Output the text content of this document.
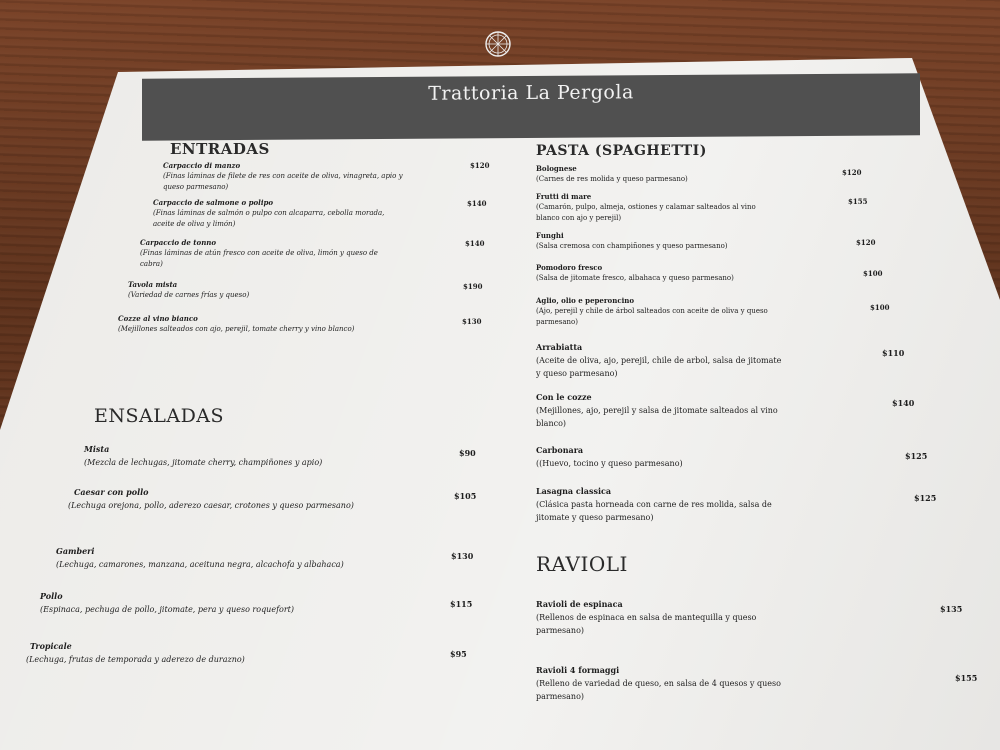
Trattoria La Pergola
ENTRADAS
Carpaccio di manzo
(Finas láminas de filete de res con aceite de oliva, vinagreta, apio y queso parmesano)
$120
Carpaccio de salmone o polipo
(Finas láminas de salmón o pulpo con alcaparra, cebolla morada, aceite de oliva y limón)
$140
Carpaccio de tonno
(Finas láminas de atún fresco con aceite de oliva, limón y queso de cabra)
$140
Tavola mista
(Variedad de carnes frías y queso)
$190
Cozze al vino bianco
(Mejillones salteados con ajo, perejil, tomate cherry y vino blanco)
$130
ENSALADAS
Mista
(Mezcla de lechugas, jitomate cherry, champiñones y apio)
$90
Caesar con pollo
(Lechuga orejona, pollo, aderezo caesar, crotones y queso parmesano)
$105
Gamberi
(Lechuga, camarones, manzana, aceituna negra, alcachofa y albahaca)
$130
Pollo
(Espinaca, pechuga de pollo, jitomate, pera y queso roquefort)
$115
Tropicale
(Lechuga, frutas de temporada y aderezo de durazno)
$95
PASTA (SPAGHETTI)
Bolognese
(Carnes de res molida y queso parmesano)
$120
Frutti di mare
(Camarón, pulpo, almeja, ostiones y calamar salteados al vino blanco con ajo y perejil)
$155
Funghi
(Salsa cremosa con champiñones y queso parmesano)	$120
Pomodoro fresco
(Salsa de jitomate fresco, albahaca y queso parmesano)	$100
Aglio, olio e peperoncino
(Ajo, perejil y chile de árbol salteados con aceite de oliva y queso parmesano)
$100
Arrabiatta
(Aceite de oliva, ajo, perejil, chile de arbol, salsa de jitomate y queso parmesano)
$110
Con le cozze
(Mejillones, ajo, perejil y salsa de jitomate salteados al vino blanco)
$140
Carbonara
((Huevo, tocino y queso parmesano)
$125
Lasagna classica
(Clásica pasta horneada con carne de res molida, salsa de jitomate y queso parmesano)
$125
RAVIOLI
Ravioli de espinaca
(Rellenos de espinaca en salsa de mantequilla y queso parmesano)
$135
Ravioli 4 formaggi
(Relleno de variedad de queso, en salsa de 4 quesos y queso parmesano)
$155
